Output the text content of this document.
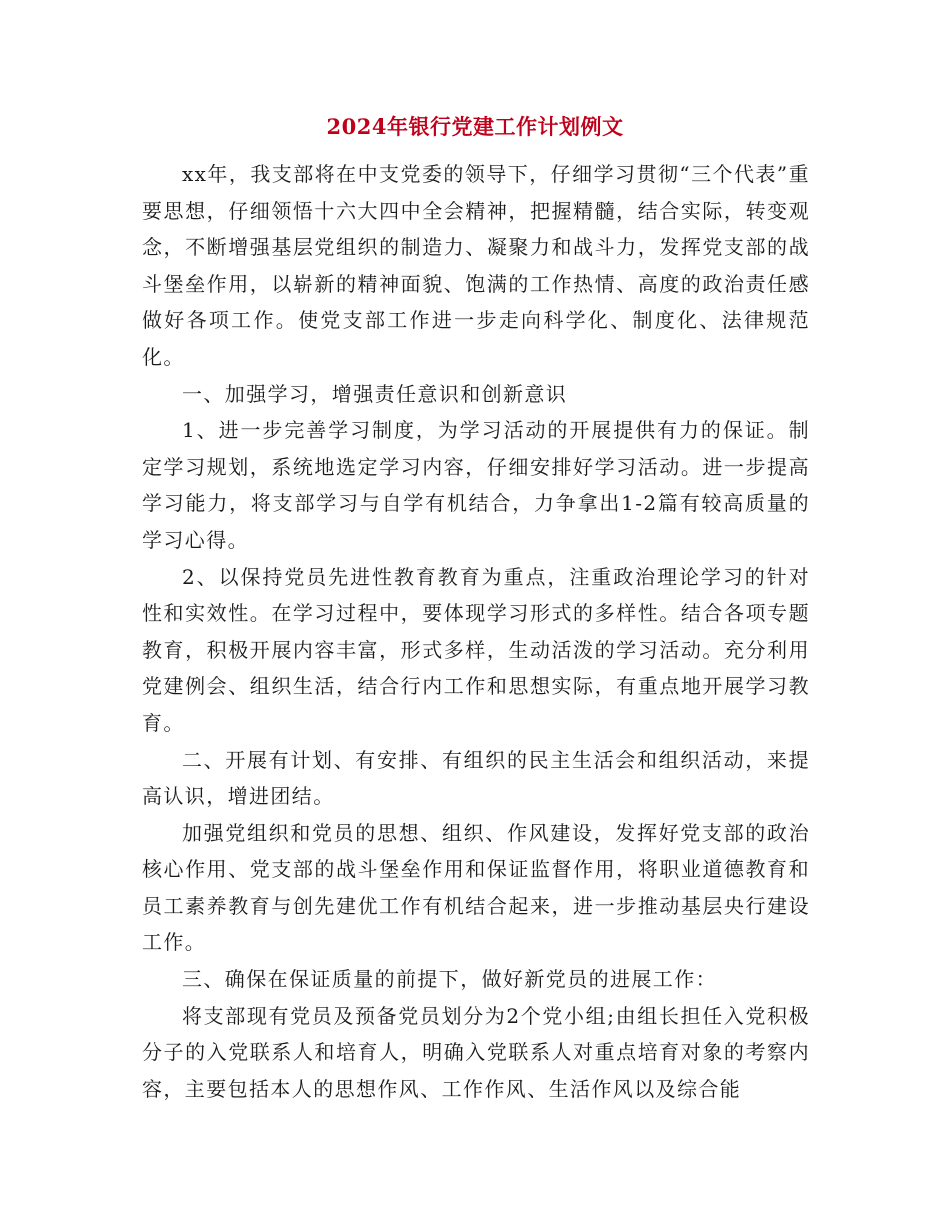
2024年银行党建工作计划例文

xx年，我支部将在中支党委的领导下，仔细学习贯彻“三个代表”重要思想，仔细领悟十六大四中全会精神，把握精髓，结合实际，转变观念，不断增强基层党组织的制造力、凝聚力和战斗力，发挥党支部的战斗堡垒作用，以崭新的精神面貌、饱满的工作热情、高度的政治责任感做好各项工作。使党支部工作进一步走向科学化、制度化、法律规范化。

一、加强学习，增强责任意识和创新意识

1、进一步完善学习制度，为学习活动的开展提供有力的保证。制定学习规划，系统地选定学习内容，仔细安排好学习活动。进一步提高学习能力，将支部学习与自学有机结合，力争拿出1-2篇有较高质量的学习心得。

2、以保持党员先进性教育教育为重点，注重政治理论学习的针对性和实效性。在学习过程中，要体现学习形式的多样性。结合各项专题教育，积极开展内容丰富，形式多样，生动活泼的学习活动。充分利用党建例会、组织生活，结合行内工作和思想实际，有重点地开展学习教育。

二、开展有计划、有安排、有组织的民主生活会和组织活动，来提高认识，增进团结。

加强党组织和党员的思想、组织、作风建设，发挥好党支部的政治核心作用、党支部的战斗堡垒作用和保证监督作用，将职业道德教育和员工素养教育与创先建优工作有机结合起来，进一步推动基层央行建设工作。

三、确保在保证质量的前提下，做好新党员的进展工作：

将支部现有党员及预备党员划分为2个党小组;由组长担任入党积极分子的入党联系人和培育人，明确入党联系人对重点培育对象的考察内容，主要包括本人的思想作风、工作作风、生活作风以及综合能
